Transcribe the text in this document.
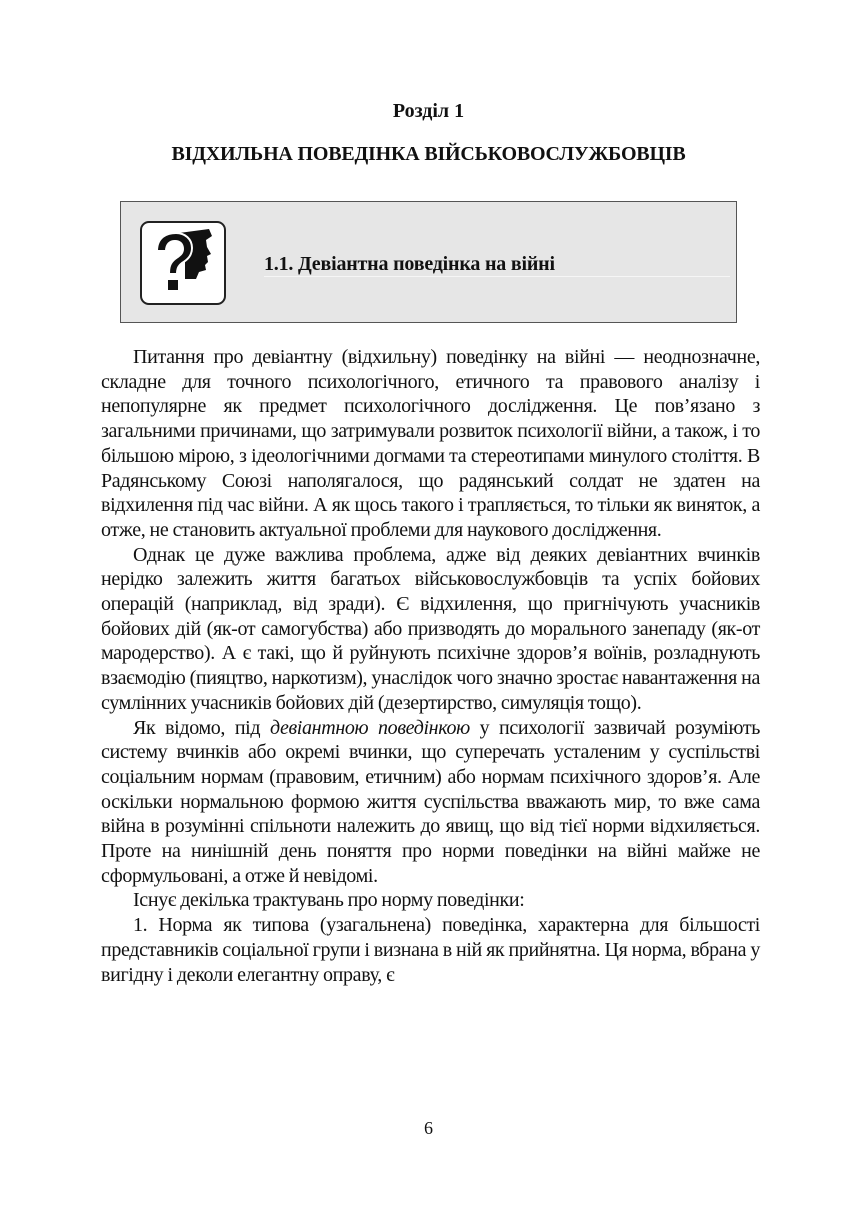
Розділ 1
ВІДХИЛЬНА ПОВЕДІНКА ВІЙСЬКОВОСЛУЖБОВЦІВ
1.1. Девіантна поведінка на війні

Питання про девіантну (відхильну) поведінку на війні — неоднозначне, складне для точного психологічного, етичного та правового аналізу і непопулярне як предмет психологічного дослідження. Це пов’язано з загальними причинами, що затримували розвиток психології війни, а також, і то більшою мірою, з ідеологічними догмами та стереотипами минулого століття. В Радянському Союзі наполягалося, що радянський солдат не здатен на відхилення під час війни. А як щось такого і трапляється, то тільки як виняток, а отже, не становить актуальної проблеми для наукового дослідження.

Однак це дуже важлива проблема, адже від деяких девіантних вчинків нерідко залежить життя багатьох військовослужбовців та успіх бойових операцій (наприклад, від зради). Є відхилення, що пригнічують учасників бойових дій (як-от самогубства) або призводять до морального занепаду (як-от мародерство). А є такі, що й руйнують психічне здоров’я воїнів, розладнують взаємодію (пияцтво, наркотизм), унаслідок чого значно зростає навантаження на сумлінних учасників бойових дій (дезертирство, симуляція тощо).

Як відомо, під девіантною поведінкою у психології зазвичай розуміють систему вчинків або окремі вчинки, що суперечать усталеним у суспільстві соціальним нормам (правовим, етичним) або нормам психічного здоров’я. Але оскільки нормальною формою життя суспільства вважають мир, то вже сама війна в розумінні спільноти належить до явищ, що від тієї норми відхиляється. Проте на нинішній день поняття про норми поведінки на війні майже не сформульовані, а отже й невідомі.

Існує декілька трактувань про норму поведінки:

1. Норма як типова (узагальнена) поведінка, характерна для більшості представників соціальної групи і визнана в ній як прийнятна. Ця норма, вбрана у вигідну і деколи елегантну оправу, є

6
